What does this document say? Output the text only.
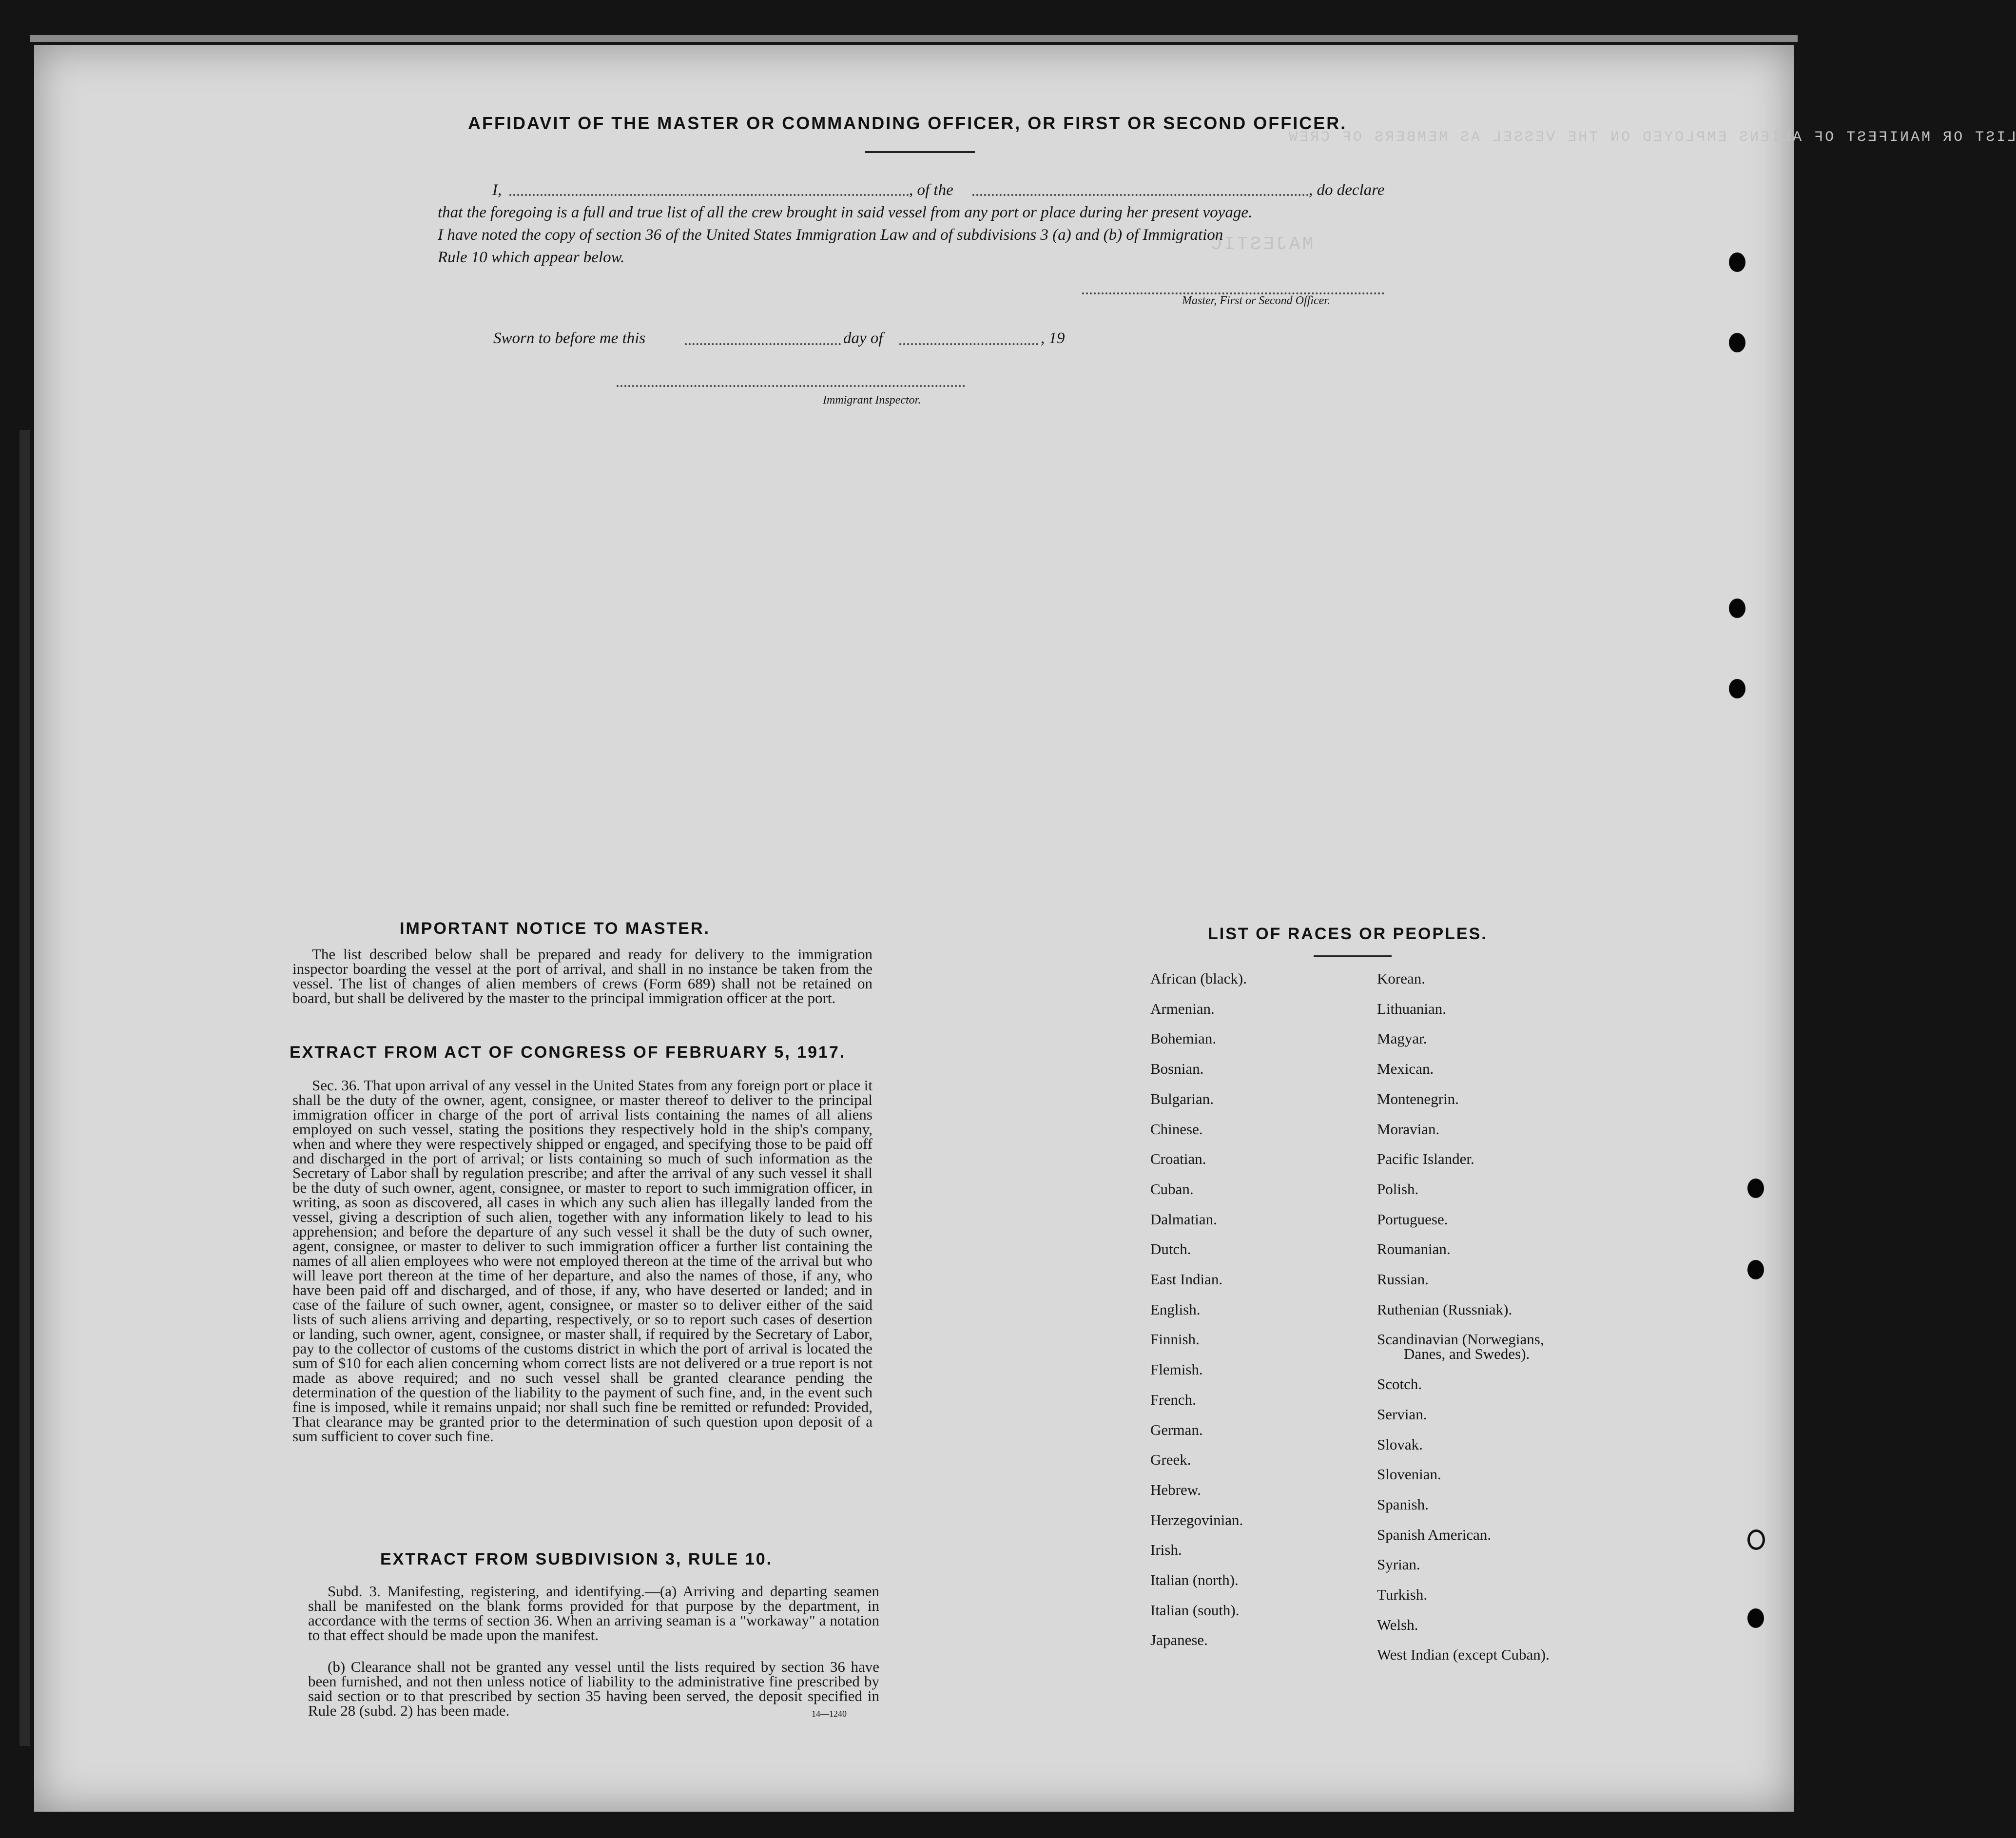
LIST OR MANIFEST OF ALIENS EMPLOYED ON THE VESSEL AS MEMBERS OF CREW
MAJESTIC
AFFIDAVIT OF THE MASTER OR COMMANDING OFFICER, OR FIRST OR SECOND OFFICER.
I,	, of the	, do declare
that the foregoing is a full and true list of all the crew brought in said vessel from any port or place during her present voyage.
I have noted the copy of section 36 of the United States Immigration Law and of subdivisions 3 (a) and (b) of Immigration
Rule 10 which appear below.
Master, First or Second Officer.
Sworn to before me this	day of	, 19
Immigrant Inspector.
IMPORTANT NOTICE TO MASTER.
The list described below shall be prepared and ready for delivery to the immigration inspector boarding the vessel at the port of arrival, and shall in no instance be taken from the vessel. The list of changes of alien members of crews (Form 689) shall not be retained on board, but shall be delivered by the master to the principal immigration officer at the port.
EXTRACT FROM ACT OF CONGRESS OF FEBRUARY 5, 1917.
Sec. 36. That upon arrival of any vessel in the United States from any foreign port or place it shall be the duty of the owner, agent, consignee, or master thereof to deliver to the principal immigration officer in charge of the port of arrival lists containing the names of all aliens employed on such vessel, stating the positions they respectively hold in the ship's company, when and where they were respectively shipped or engaged, and specifying those to be paid off and discharged in the port of arrival; or lists containing so much of such information as the Secretary of Labor shall by regulation prescribe; and after the arrival of any such vessel it shall be the duty of such owner, agent, consignee, or master to report to such immigration officer, in writing, as soon as discovered, all cases in which any such alien has illegally landed from the vessel, giving a description of such alien, together with any information likely to lead to his apprehension; and before the departure of any such vessel it shall be the duty of such owner, agent, consignee, or master to deliver to such immigration officer a further list containing the names of all alien employees who were not employed thereon at the time of the arrival but who will leave port thereon at the time of her departure, and also the names of those, if any, who have been paid off and discharged, and of those, if any, who have deserted or landed; and in case of the failure of such owner, agent, consignee, or master so to deliver either of the said lists of such aliens arriving and departing, respectively, or so to report such cases of desertion or landing, such owner, agent, consignee, or master shall, if required by the Secretary of Labor, pay to the collector of customs of the customs district in which the port of arrival is located the sum of $10 for each alien concerning whom correct lists are not delivered or a true report is not made as above required; and no such vessel shall be granted clearance pending the determination of the question of the liability to the payment of such fine, and, in the event such fine is imposed, while it remains unpaid; nor shall such fine be remitted or refunded: Provided, That clearance may be granted prior to the determination of such question upon deposit of a sum sufficient to cover such fine.
EXTRACT FROM SUBDIVISION 3, RULE 10.
Subd. 3. Manifesting, registering, and identifying.—(a) Arriving and departing seamen shall be manifested on the blank forms provided for that purpose by the department, in accordance with the terms of section 36. When an arriving seaman is a "workaway" a notation to that effect should be made upon the manifest.
(b) Clearance shall not be granted any vessel until the lists required by section 36 have been furnished, and not then unless notice of liability to the administrative fine prescribed by said section or to that prescribed by section 35 having been served, the deposit specified in Rule 28 (subd. 2) has been made.	14—1240
LIST OF RACES OR PEOPLES.
African (black).
Armenian.
Bohemian.
Bosnian.
Bulgarian.
Chinese.
Croatian.
Cuban.
Dalmatian.
Dutch.
East Indian.
English.
Finnish.
Flemish.
French.
German.
Greek.
Hebrew.
Herzegovinian.
Irish.
Italian (north).
Italian (south).
Japanese.
Korean.
Lithuanian.
Magyar.
Mexican.
Montenegrin.
Moravian.
Pacific Islander.
Polish.
Portuguese.
Roumanian.
Russian.
Ruthenian (Russniak).
Scandinavian (Norwegians,
Danes, and Swedes).
Scotch.
Servian.
Slovak.
Slovenian.
Spanish.
Spanish American.
Syrian.
Turkish.
Welsh.
West Indian (except Cuban).
